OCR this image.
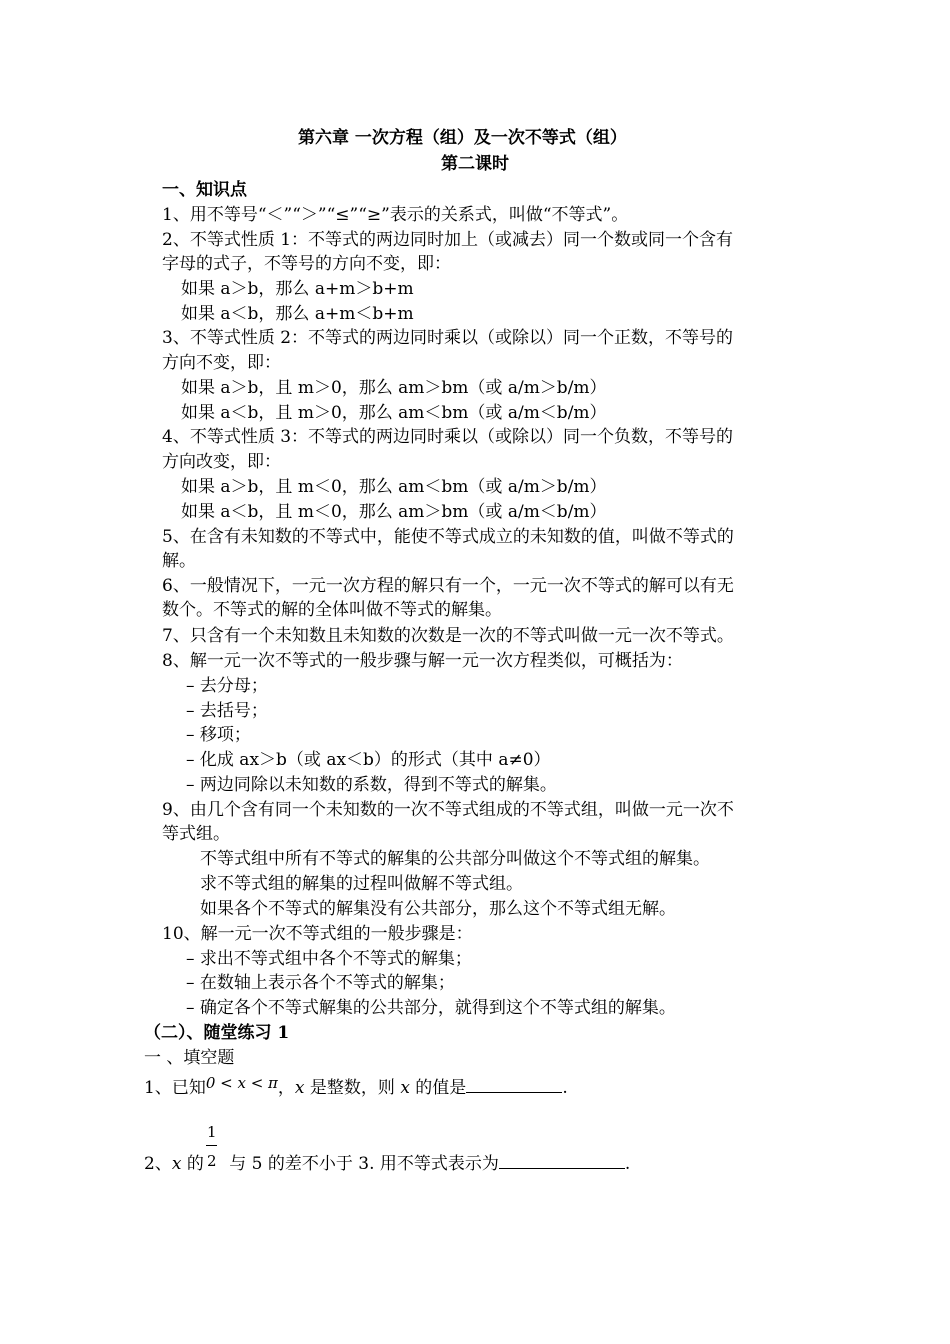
第六章 一次方程（组）及一次不等式（组）
第二课时
一、知识点
1、用不等号“＜”“＞”“≤”“≥”表示的关系式，叫做“不等式”。
2、不等式性质 1：不等式的两边同时加上（或减去）同一个数或同一个含有
字母的式子，不等号的方向不变，即：
如果 a＞b，那么 a+m＞b+m
如果 a＜b，那么 a+m＜b+m
3、不等式性质 2：不等式的两边同时乘以（或除以）同一个正数，不等号的
方向不变，即：
如果 a＞b，且 m＞0，那么 am＞bm（或 a/m＞b/m）
如果 a＜b，且 m＞0，那么 am＜bm（或 a/m＜b/m）
4、不等式性质 3：不等式的两边同时乘以（或除以）同一个负数，不等号的
方向改变，即：
如果 a＞b，且 m＜0，那么 am＜bm（或 a/m＞b/m）
如果 a＜b，且 m＜0，那么 am＞bm（或 a/m＜b/m）
5、在含有未知数的不等式中，能使不等式成立的未知数的值，叫做不等式的
解。
6、一般情况下，一元一次方程的解只有一个，一元一次不等式的解可以有无
数个。不等式的解的全体叫做不等式的解集。
7、只含有一个未知数且未知数的次数是一次的不等式叫做一元一次不等式。
8、解一元一次不等式的一般步骤与解一元一次方程类似，可概括为：
– 去分母；
– 去括号；
– 移项；
– 化成 ax＞b（或 ax＜b）的形式（其中 a≠0）
– 两边同除以未知数的系数，得到不等式的解集。
9、由几个含有同一个未知数的一次不等式组成的不等式组，叫做一元一次不
等式组。
不等式组中所有不等式的解集的公共部分叫做这个不等式组的解集。
求不等式组的解集的过程叫做解不等式组。
如果各个不等式的解集没有公共部分，那么这个不等式组无解。
10、解一元一次不等式组的一般步骤是：
– 求出不等式组中各个不等式的解集；
– 在数轴上表示各个不等式的解集；
– 确定各个不等式解集的公共部分，就得到这个不等式组的解集。
（二）、随堂练习 1
一 、填空题
1、已知0 < x < π，x 是整数，则 x 的值是	.
2、x 的 与 5 的差不小于 3. 用不等式表示为	.
1
2
